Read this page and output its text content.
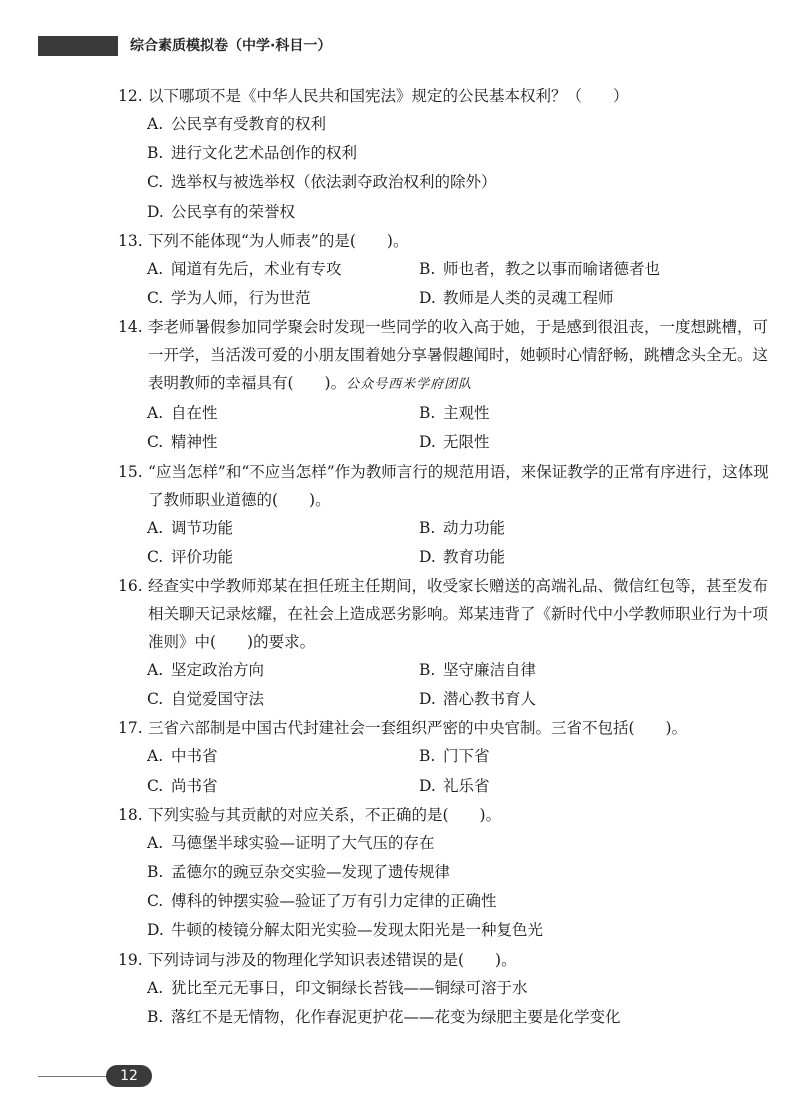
综合素质模拟卷（中学·科目一）
12. 以下哪项不是《中华人民共和国宪法》规定的公民基本权利？（　　）
A. 公民享有受教育的权利
B. 进行文化艺术品创作的权利
C. 选举权与被选举权（依法剥夺政治权利的除外）
D. 公民享有的荣誉权
13. 下列不能体现“为人师表”的是(　　)。
A. 闻道有先后，术业有专攻	B. 师也者，教之以事而喻诸德者也
C. 学为人师，行为世范	D. 教师是人类的灵魂工程师
14. 李老师暑假参加同学聚会时发现一些同学的收入高于她，于是感到很沮丧，一度想跳槽，可一开学，当活泼可爱的小朋友围着她分享暑假趣闻时，她顿时心情舒畅，跳槽念头全无。这表明教师的幸福具有(　　)。公众号西米学府团队
A. 自在性	B. 主观性
C. 精神性	D. 无限性
15. “应当怎样”和“不应当怎样”作为教师言行的规范用语，来保证教学的正常有序进行，这体现了教师职业道德的(　　)。
A. 调节功能	B. 动力功能
C. 评价功能	D. 教育功能
16. 经查实中学教师郑某在担任班主任期间，收受家长赠送的高端礼品、微信红包等，甚至发布相关聊天记录炫耀，在社会上造成恶劣影响。郑某违背了《新时代中小学教师职业行为十项准则》中(　　)的要求。
A. 坚定政治方向	B. 坚守廉洁自律
C. 自觉爱国守法	D. 潜心教书育人
17. 三省六部制是中国古代封建社会一套组织严密的中央官制。三省不包括(　　)。
A. 中书省	B. 门下省
C. 尚书省	D. 礼乐省
18. 下列实验与其贡献的对应关系，不正确的是(　　)。
A. 马德堡半球实验—证明了大气压的存在
B. 孟德尔的豌豆杂交实验—发现了遗传规律
C. 傅科的钟摆实验—验证了万有引力定律的正确性
D. 牛顿的棱镜分解太阳光实验—发现太阳光是一种复色光
19. 下列诗词与涉及的物理化学知识表述错误的是(　　)。
A. 犹比至元无事日，印文铜绿长苔钱——铜绿可溶于水
B. 落红不是无情物，化作春泥更护花——花变为绿肥主要是化学变化
12
